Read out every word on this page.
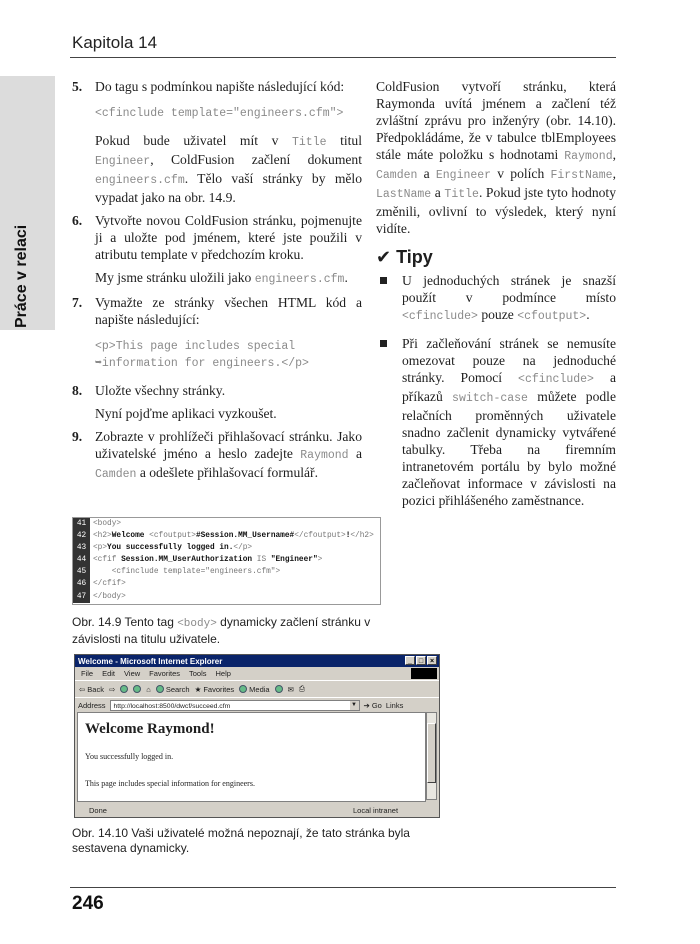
Kapitola 14
Práce v relaci
5. Do tagu s podmínkou napište následující kód:

<cfinclude template="engineers.cfm">

Pokud bude uživatel mít v Title titul Engineer, ColdFusion začlení dokument engineers.cfm. Tělo vaší stránky by mělo vypadat jako na obr. 14.9.

6. Vytvořte novou ColdFusion stránku, pojmenujte ji a uložte pod jménem, které jste použili v atributu template v předchozím kroku.

My jsme stránku uložili jako engineers.cfm.

7. Vymažte ze stránky všechen HTML kód a napište následující:

<p>This page includes special
➥information for engineers.</p>
8. Uložte všechny stránky.

Nyní pojďme aplikaci vyzkoušet.

9. Zobrazte v prohlížeči přihlašovací stránku. Jako uživatelské jméno a heslo zadejte Raymond a Camden a odešlete přihlašovací formulář.

ColdFusion vytvoří stránku, která Raymonda uvítá jménem a začlení též zvláštní zprávu pro inženýry (obr. 14.10). Předpokládáme, že v tabulce tblEmployees stále máte položku s hodnotami Raymond, Camden a Engineer v polích FirstName, LastName a Title. Pokud jste tyto hodnoty změnili, ovlivní to výsledek, který nyní vidíte.

✔ Tipy
U jednoduchých stránek je snazší použít v podmínce místo <cfinclude> pouze <cfoutput>.
Při začleňování stránek se nemusíte omezovat pouze na jednoduché stránky. Pomocí <cfinclude> a příkazů switch-case můžete podle relačních proměnných uživatele snadno začlenit dynamicky vytvářené tabulky. Třeba na firemním intranetovém portálu by bylo možné začleňovat informace v závislosti na pozici přihlášeného zaměstnance.
41 <body>
42 <h2>Welcome <cfoutput>#Session.MM_Username#</cfoutput>!</h2>
43 <p>You successfully logged in.</p>
44 <cfif Session.MM_UserAuthorization IS "Engineer">
45 <cfinclude template="engineers.cfm">
46 </cfif>
47 </body>
Obr. 14.9 Tento tag <body> dynamicky začlení stránku v závislosti na titulu uživatele.
Welcome - Microsoft Internet Explorer	_ □ ×
File Edit View Favorites Tools Help
⇦ Back ⇨	⌂ Search ★ Favorites Media ✉ ⎙
Address	http://localhost:8500/dwcf/succeed.cfm	▼ ➔ Go Links
Welcome Raymond!
You successfully logged in.
This page includes special information for engineers.
Done	Local intranet
Obr. 14.10 Vaši uživatelé možná nepoznají, že tato stránka byla sestavena dynamicky.
246
